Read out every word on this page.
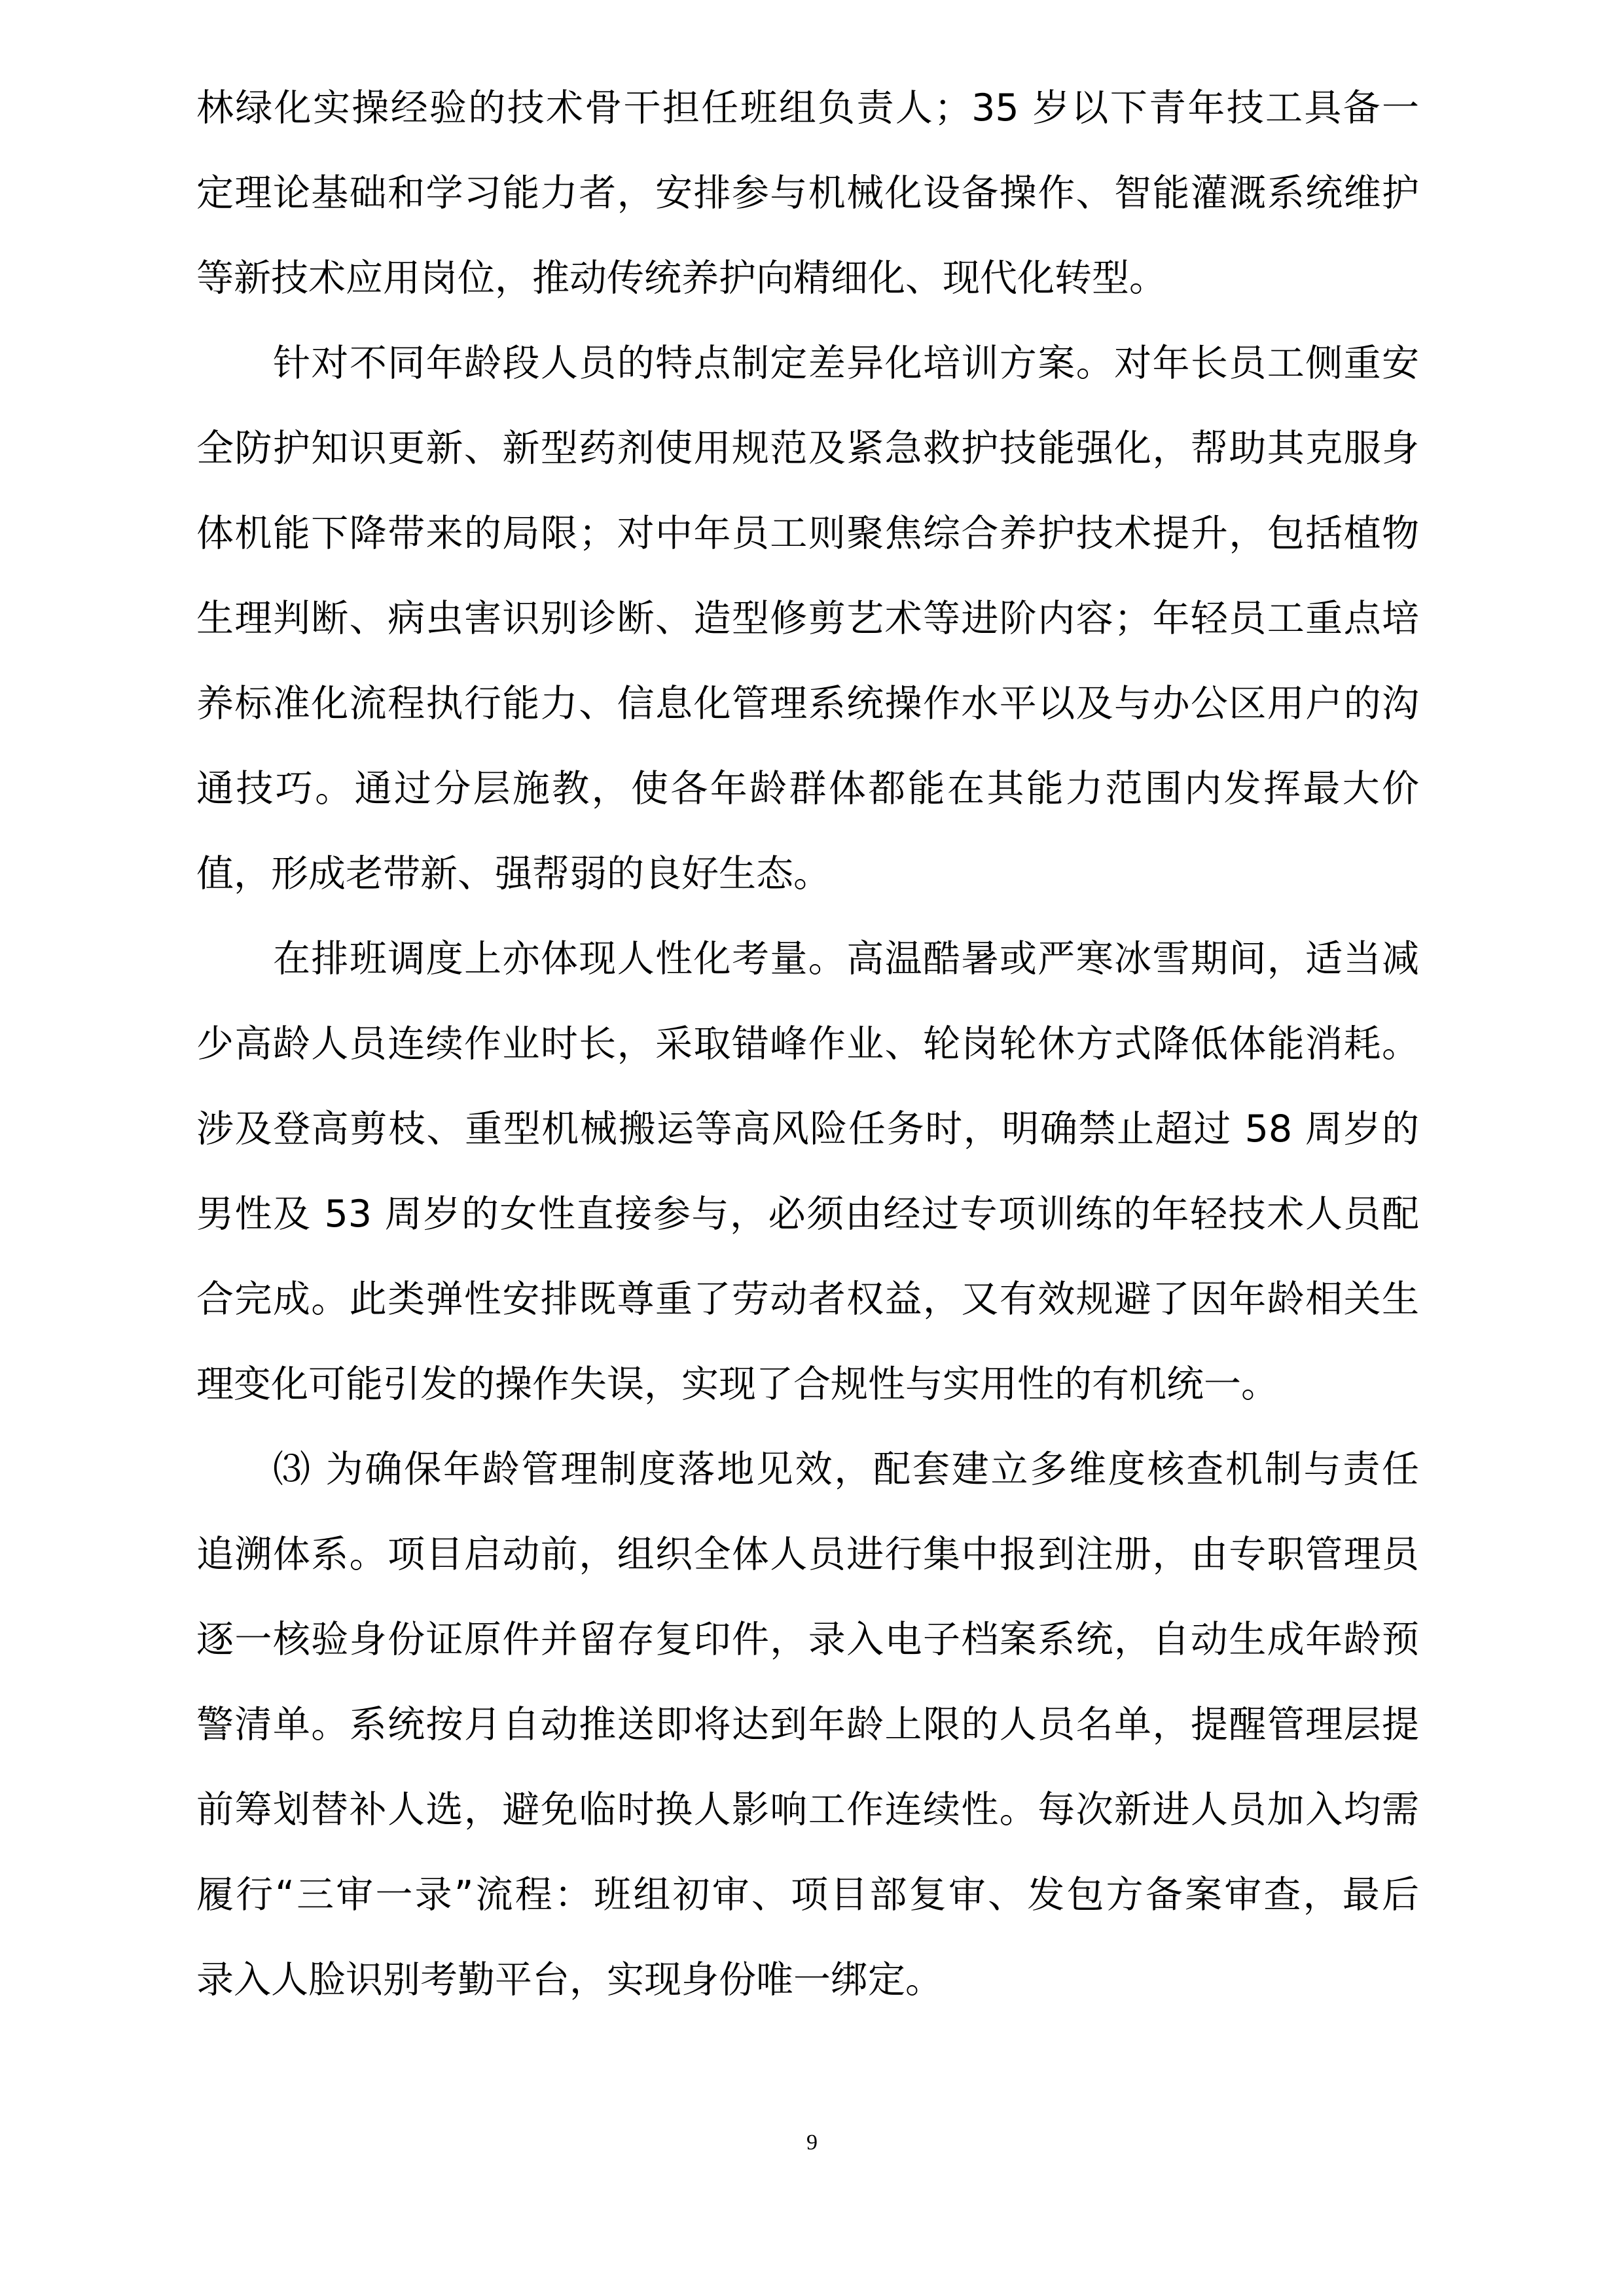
林绿化实操经验的技术骨干担任班组负责人；35 岁以下青年技工具备一
定理论基础和学习能力者，安排参与机械化设备操作、智能灌溉系统维护
等新技术应用岗位，推动传统养护向精细化、现代化转型。
针对不同年龄段人员的特点制定差异化培训方案。对年长员工侧重安
全防护知识更新、新型药剂使用规范及紧急救护技能强化，帮助其克服身
体机能下降带来的局限；对中年员工则聚焦综合养护技术提升，包括植物
生理判断、病虫害识别诊断、造型修剪艺术等进阶内容；年轻员工重点培
养标准化流程执行能力、信息化管理系统操作水平以及与办公区用户的沟
通技巧。通过分层施教，使各年龄群体都能在其能力范围内发挥最大价
值，形成老带新、强帮弱的良好生态。
在排班调度上亦体现人性化考量。高温酷暑或严寒冰雪期间，适当减
少高龄人员连续作业时长，采取错峰作业、轮岗轮休方式降低体能消耗。
涉及登高剪枝、重型机械搬运等高风险任务时，明确禁止超过 58 周岁的
男性及 53 周岁的女性直接参与，必须由经过专项训练的年轻技术人员配
合完成。此类弹性安排既尊重了劳动者权益，又有效规避了因年龄相关生
理变化可能引发的操作失误，实现了合规性与实用性的有机统一。
⑶ 为确保年龄管理制度落地见效，配套建立多维度核查机制与责任
追溯体系。项目启动前，组织全体人员进行集中报到注册，由专职管理员
逐一核验身份证原件并留存复印件，录入电子档案系统，自动生成年龄预
警清单。系统按月自动推送即将达到年龄上限的人员名单，提醒管理层提
前筹划替补人选，避免临时换人影响工作连续性。每次新进人员加入均需
履行“三审一录”流程：班组初审、项目部复审、发包方备案审查，最后
录入人脸识别考勤平台，实现身份唯一绑定。
9
